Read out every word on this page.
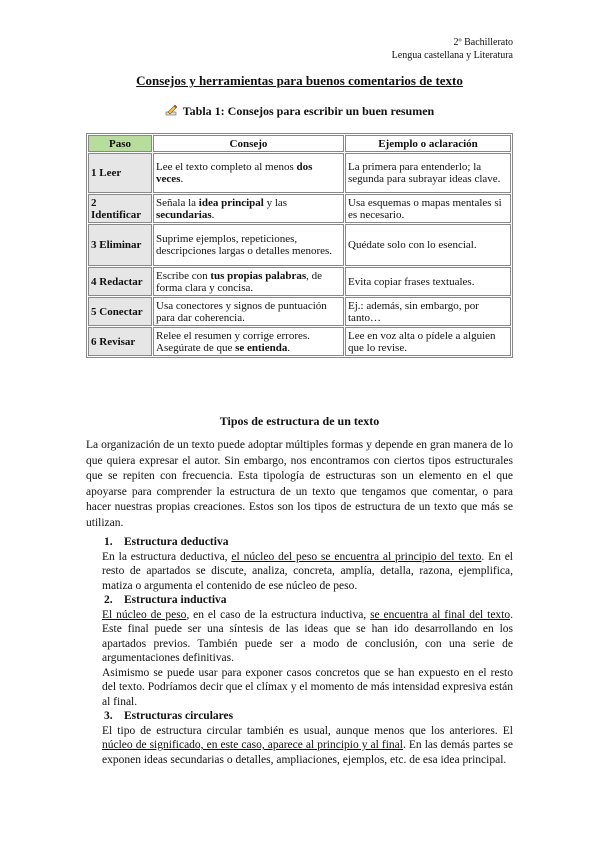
2º Bachillerato
Lengua castellana y Literatura
Consejos y herramientas para buenos comentarios de texto
Tabla 1: Consejos para escribir un buen resumen
Paso	Consejo	Ejemplo o aclaración
1 Leer	Lee el texto completo al menos dos veces.	La primera para entenderlo; la segunda para subrayar ideas clave.
2 Identificar	Señala la idea principal y las secundarias.	Usa esquemas o mapas mentales si es necesario.
3 Eliminar	Suprime ejemplos, repeticiones, descripciones largas o detalles menores.	Quédate solo con lo esencial.
4 Redactar	Escribe con tus propias palabras, de forma clara y concisa.	Evita copiar frases textuales.
5 Conectar	Usa conectores y signos de puntuación para dar coherencia.	Ej.: además, sin embargo, por tanto…
6 Revisar	Relee el resumen y corrige errores. Asegúrate de que se entienda.	Lee en voz alta o pídele a alguien que lo revise.
Tipos de estructura de un texto
La organización de un texto puede adoptar múltiples formas y depende en gran manera de lo que quiera expresar el autor. Sin embargo, nos encontramos con ciertos tipos estructurales que se repiten con frecuencia. Esta tipología de estructuras son un elemento en el que apoyarse para comprender la estructura de un texto que tengamos que comentar, o para hacer nuestras propias creaciones. Estos son los tipos de estructura de un texto que más se utilizan.
1. Estructura deductiva

En la estructura deductiva, el núcleo del peso se encuentra al principio del texto. En el resto de apartados se discute, analiza, concreta, amplía, detalla, razona, ejemplifica, matiza o argumenta el contenido de ese núcleo de peso.

2. Estructura inductiva

El núcleo de peso, en el caso de la estructura inductiva, se encuentra al final del texto. Este final puede ser una síntesis de las ideas que se han ido desarrollando en los apartados previos. También puede ser a modo de conclusión, con una serie de argumentaciones definitivas.

Asimismo se puede usar para exponer casos concretos que se han expuesto en el resto del texto. Podríamos decir que el clímax y el momento de más intensidad expresiva están al final.

3. Estructuras circulares

El tipo de estructura circular también es usual, aunque menos que los anteriores. El núcleo de significado, en este caso, aparece al principio y al final. En las demás partes se exponen ideas secundarias o detalles, ampliaciones, ejemplos, etc. de esa idea principal.
